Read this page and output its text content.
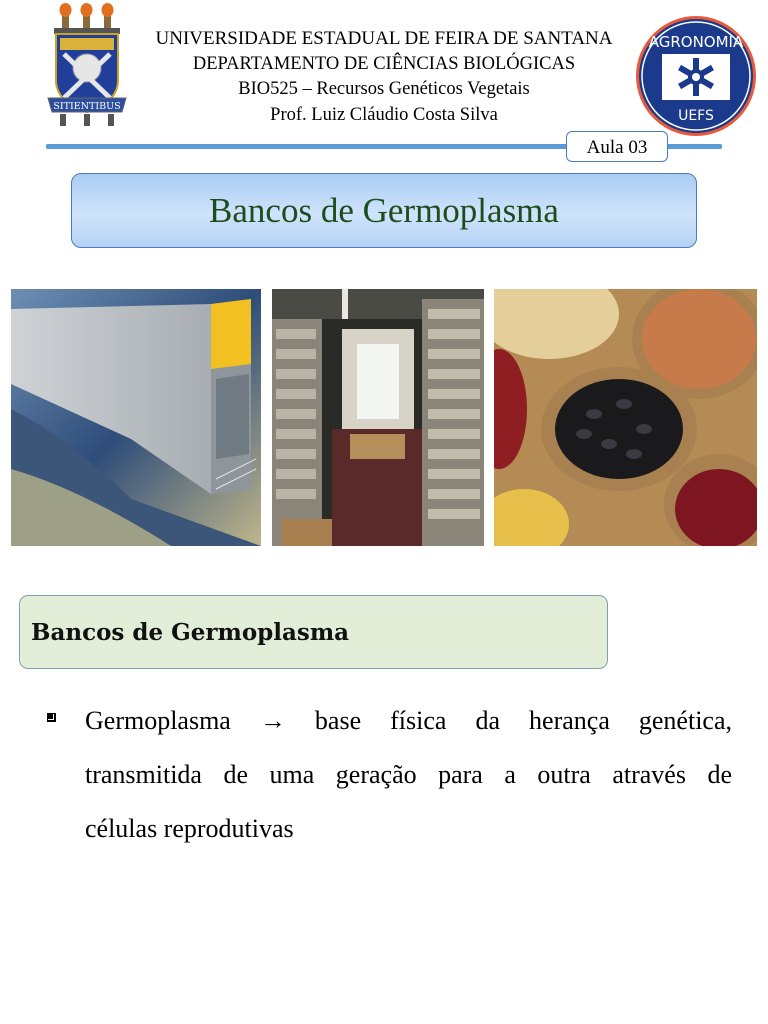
SITIENTIBUS
UNIVERSIDADE ESTADUAL DE FEIRA DE SANTANA
DEPARTAMENTO DE CIÊNCIAS BIOLÓGICAS
BIO525 – Recursos Genéticos Vegetais
Prof. Luiz Cláudio Costa Silva
AGRONOMIA
UEFS
Aula 03
Bancos de Germoplasma
Bancos de Germoplasma
Germoplasma → base física da herança genética,
transmitida de uma geração para a outra através de
células reprodutivas
